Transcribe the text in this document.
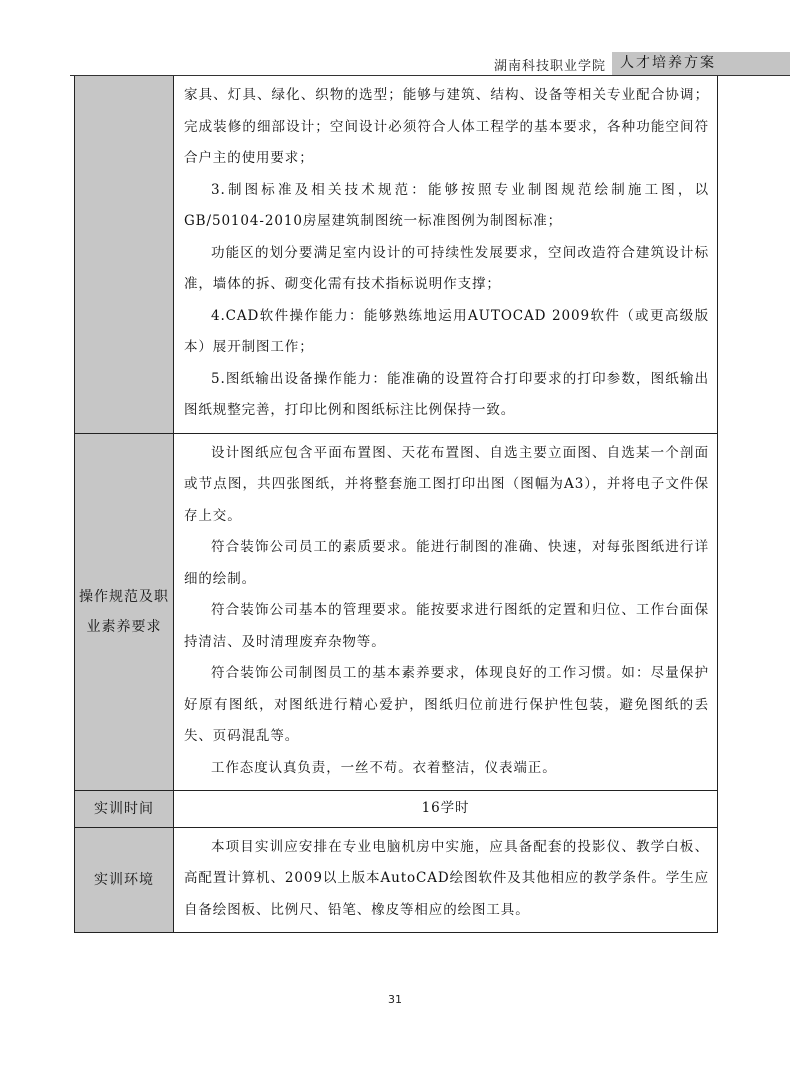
湖南科技职业学院	人才培养方案

家具、灯具、绿化、织物的选型；能够与建筑、结构、设备等相关专业配合协调；完成装修的细部设计；空间设计必须符合人体工程学的基本要求，各种功能空间符合户主的使用要求；

3.制图标准及相关技术规范：能够按照专业制图规范绘制施工图，以GB/50104-2010房屋建筑制图统一标准图例为制图标准；

功能区的划分要满足室内设计的可持续性发展要求，空间改造符合建筑设计标准，墙体的拆、砌变化需有技术指标说明作支撑；

4.CAD软件操作能力：能够熟练地运用AUTOCAD 2009软件（或更高级版本）展开制图工作；

5.图纸输出设备操作能力：能准确的设置符合打印要求的打印参数，图纸输出图纸规整完善，打印比例和图纸标注比例保持一致。

操作规范及职业素养要求

设计图纸应包含平面布置图、天花布置图、自选主要立面图、自选某一个剖面或节点图，共四张图纸，并将整套施工图打印出图（图幅为A3），并将电子文件保存上交。

符合装饰公司员工的素质要求。能进行制图的准确、快速，对每张图纸进行详细的绘制。

符合装饰公司基本的管理要求。能按要求进行图纸的定置和归位、工作台面保持清洁、及时清理废弃杂物等。

符合装饰公司制图员工的基本素养要求，体现良好的工作习惯。如：尽量保护好原有图纸，对图纸进行精心爱护，图纸归位前进行保护性包装，避免图纸的丢失、页码混乱等。

工作态度认真负责，一丝不苟。衣着整洁，仪表端正。

实训时间	16学时
实训环境

本项目实训应安排在专业电脑机房中实施，应具备配套的投影仪、教学白板、高配置计算机、2009以上版本AutoCAD绘图软件及其他相应的教学条件。学生应自备绘图板、比例尺、铅笔、橡皮等相应的绘图工具。

31
